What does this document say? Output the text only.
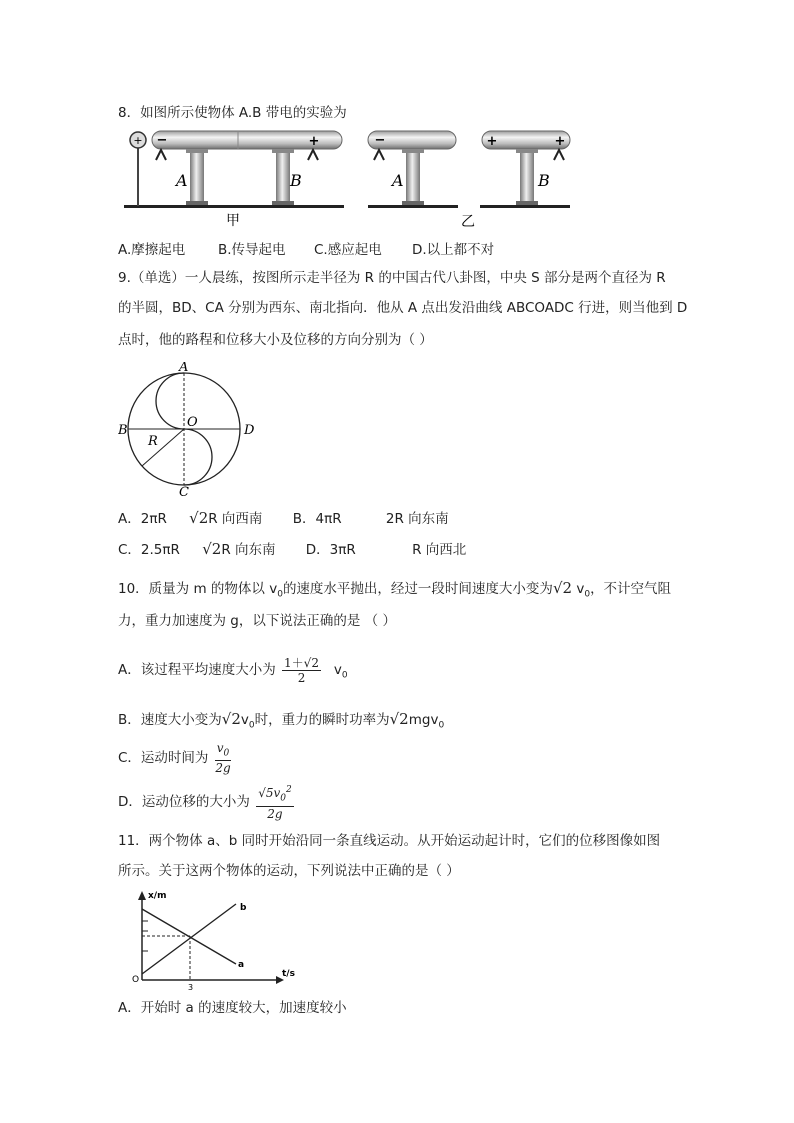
8．如图所示使物体 A.B 带电的实验为
+ −	+	−	+	+
A	B	A	B
甲	乙
A.摩擦起电 B.传导起电 C.感应起电 D.以上都不对
9.（单选）一人晨练，按图所示走半径为 R 的中国古代八卦图，中央 S 部分是两个直径为 R
的半圆，BD、CA 分别为西东、南北指向．他从 A 点出发沿曲线 ABCOADC 行进，则当他到 D
点时，他的路程和位移大小及位移的方向分别为（ ）
A
B
C
D
O
R
A．2πR √2R 向西南 B．4πR	2R 向东南
C．2.5πR √2R 向东南 D．3πR	R 向西北
10．质量为 m 的物体以 $v_0$的速度水平抛出，经过一段时间速度大小变为√2 $v_0$，不计空气阻
力，重力加速度为 g，以下说法正确的是 （ ）
A．该过程平均速度大小为 $\frac{1+√2}{2} v_0$
B．速度大小变为$√2v_0$时，重力的瞬时功率为√2mgv$_0$
C．运动时间为 $\frac{v_0}{2g}$
D．运动位移的大小为 $\frac{√5v_0^2}{2g}$
11．两个物体 a、b 同时开始沿同一条直线运动。从开始运动起计时，它们的位移图像如图
所示。关于这两个物体的运动，下列说法中正确的是（ ）
x/m
t/s
O
3
a
b
A．开始时 a 的速度较大，加速度较小
